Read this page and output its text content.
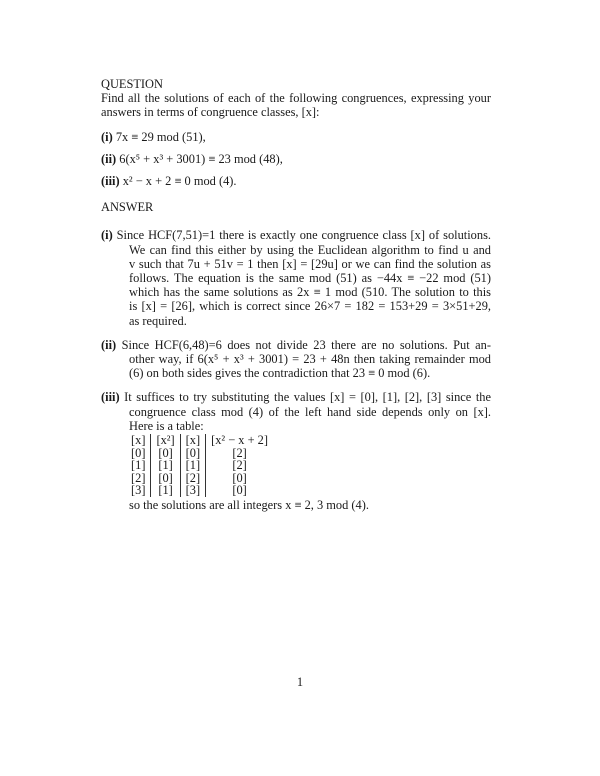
QUESTION
Find all the solutions of each of the following congruences, expressing your
answers in terms of congruence classes, [x]:
(i) 7x ≡ 29 mod (51),
(ii) 6(x⁵ + x³ + 3001) ≡ 23 mod (48),
(iii) x² − x + 2 ≡ 0 mod (4).
ANSWER
(i) Since HCF(7,51)=1 there is exactly one congruence class [x] of solutions.
We can find this either by using the Euclidean algorithm to find u and
v such that 7u + 51v = 1 then [x] = [29u] or we can find the solution as
follows. The equation is the same mod (51) as −44x ≡ −22 mod (51)
which has the same solutions as 2x ≡ 1 mod (510. The solution to this
is [x] = [26], which is correct since 26×7 = 182 = 153+29 = 3×51+29,
as required.
(ii) Since HCF(6,48)=6 does not divide 23 there are no solutions. Put an-
other way, if 6(x⁵ + x³ + 3001) = 23 + 48n then taking remainder mod
(6) on both sides gives the contradiction that 23 ≡ 0 mod (6).
(iii) It suffices to try substituting the values [x] = [0], [1], [2], [3] since the
congruence class mod (4) of the left hand side depends only on [x].
Here is a table:
[x]	[x²]	[x]	[x² − x + 2]
[0]	[0]	[0]	[2]
[1]	[1]	[1]	[2]
[2]	[0]	[2]	[0]
[3]	[1]	[3]	[0]
so the solutions are all integers x ≡ 2, 3 mod (4).
1
